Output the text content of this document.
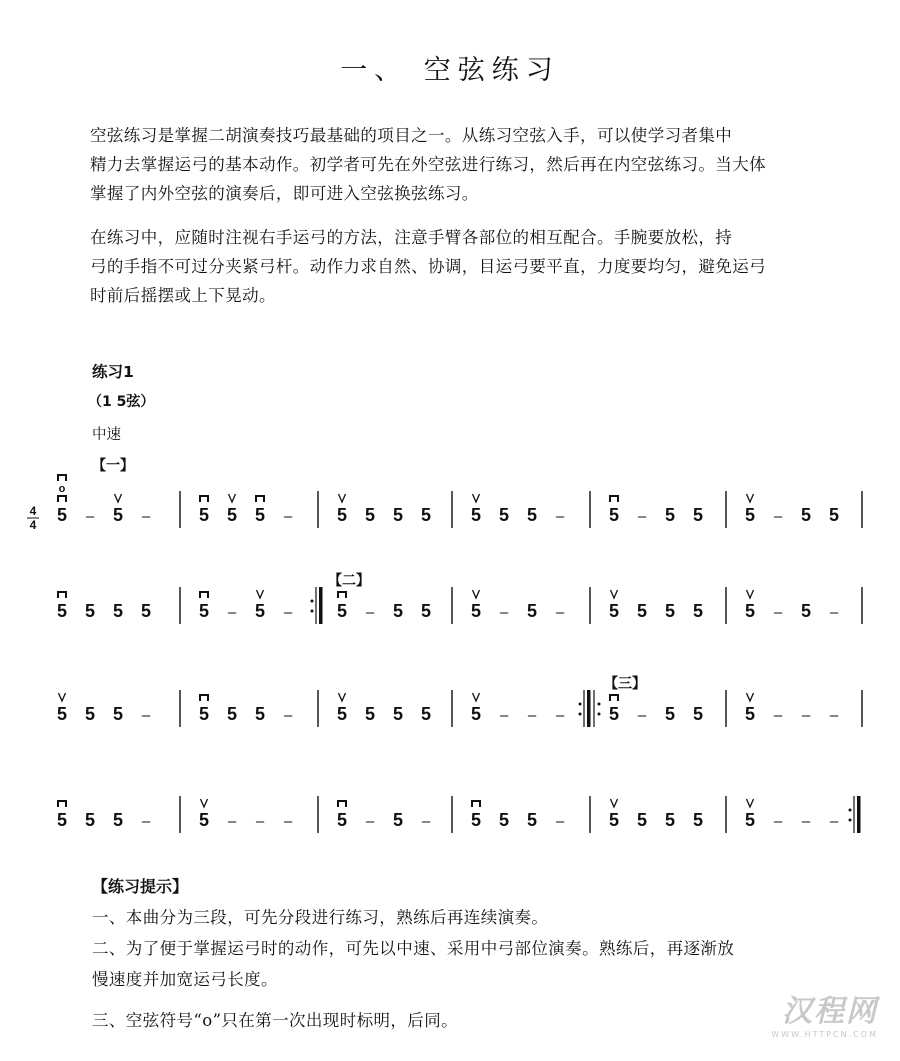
一、 空弦练习
空弦练习是掌握二胡演奏技巧最基础的项目之一。从练习空弦入手，可以使学习者集中
精力去掌握运弓的基本动作。初学者可先在外空弦进行练习，然后再在内空弦练习。当大体
掌握了内外空弦的演奏后，即可进入空弦换弦练习。
在练习中，应随时注视右手运弓的方法，注意手臂各部位的相互配合。手腕要放松，持
弓的手指不可过分夹紧弓杆。动作力求自然、协调，目运弓要平直，力度要均匀，避免运弓
时前后摇摆或上下晃动。
练习1
（1 5弦）
中速
4
4
【一】
【二】
【三】
5
o
– 5 –	5 5 5 – 5 5 5 5 5 5 5 – 5 – 5 5 5 – 5 5
5 5 5 5	5 – 5 – 5 – 5 5 5 – 5 – 5 5 5 5 5 – 5 –
5 5 5 –	5 5 5 – 5 5 5 5 5 – – – 5 – 5 5 5 – – –
5 5 5 –	5 – – – 5 – 5 – 5 5 5 – 5 5 5 5 5 – – –
【练习提示】
一、本曲分为三段，可先分段进行练习，熟练后再连续演奏。
二、为了便于掌握运弓时的动作，可先以中速、采用中弓部位演奏。熟练后，再逐渐放
慢速度并加宽运弓长度。
三、空弦符号“o”只在第一次出现时标明，后同。	汉程网
WWW.HTTPCN.COM
